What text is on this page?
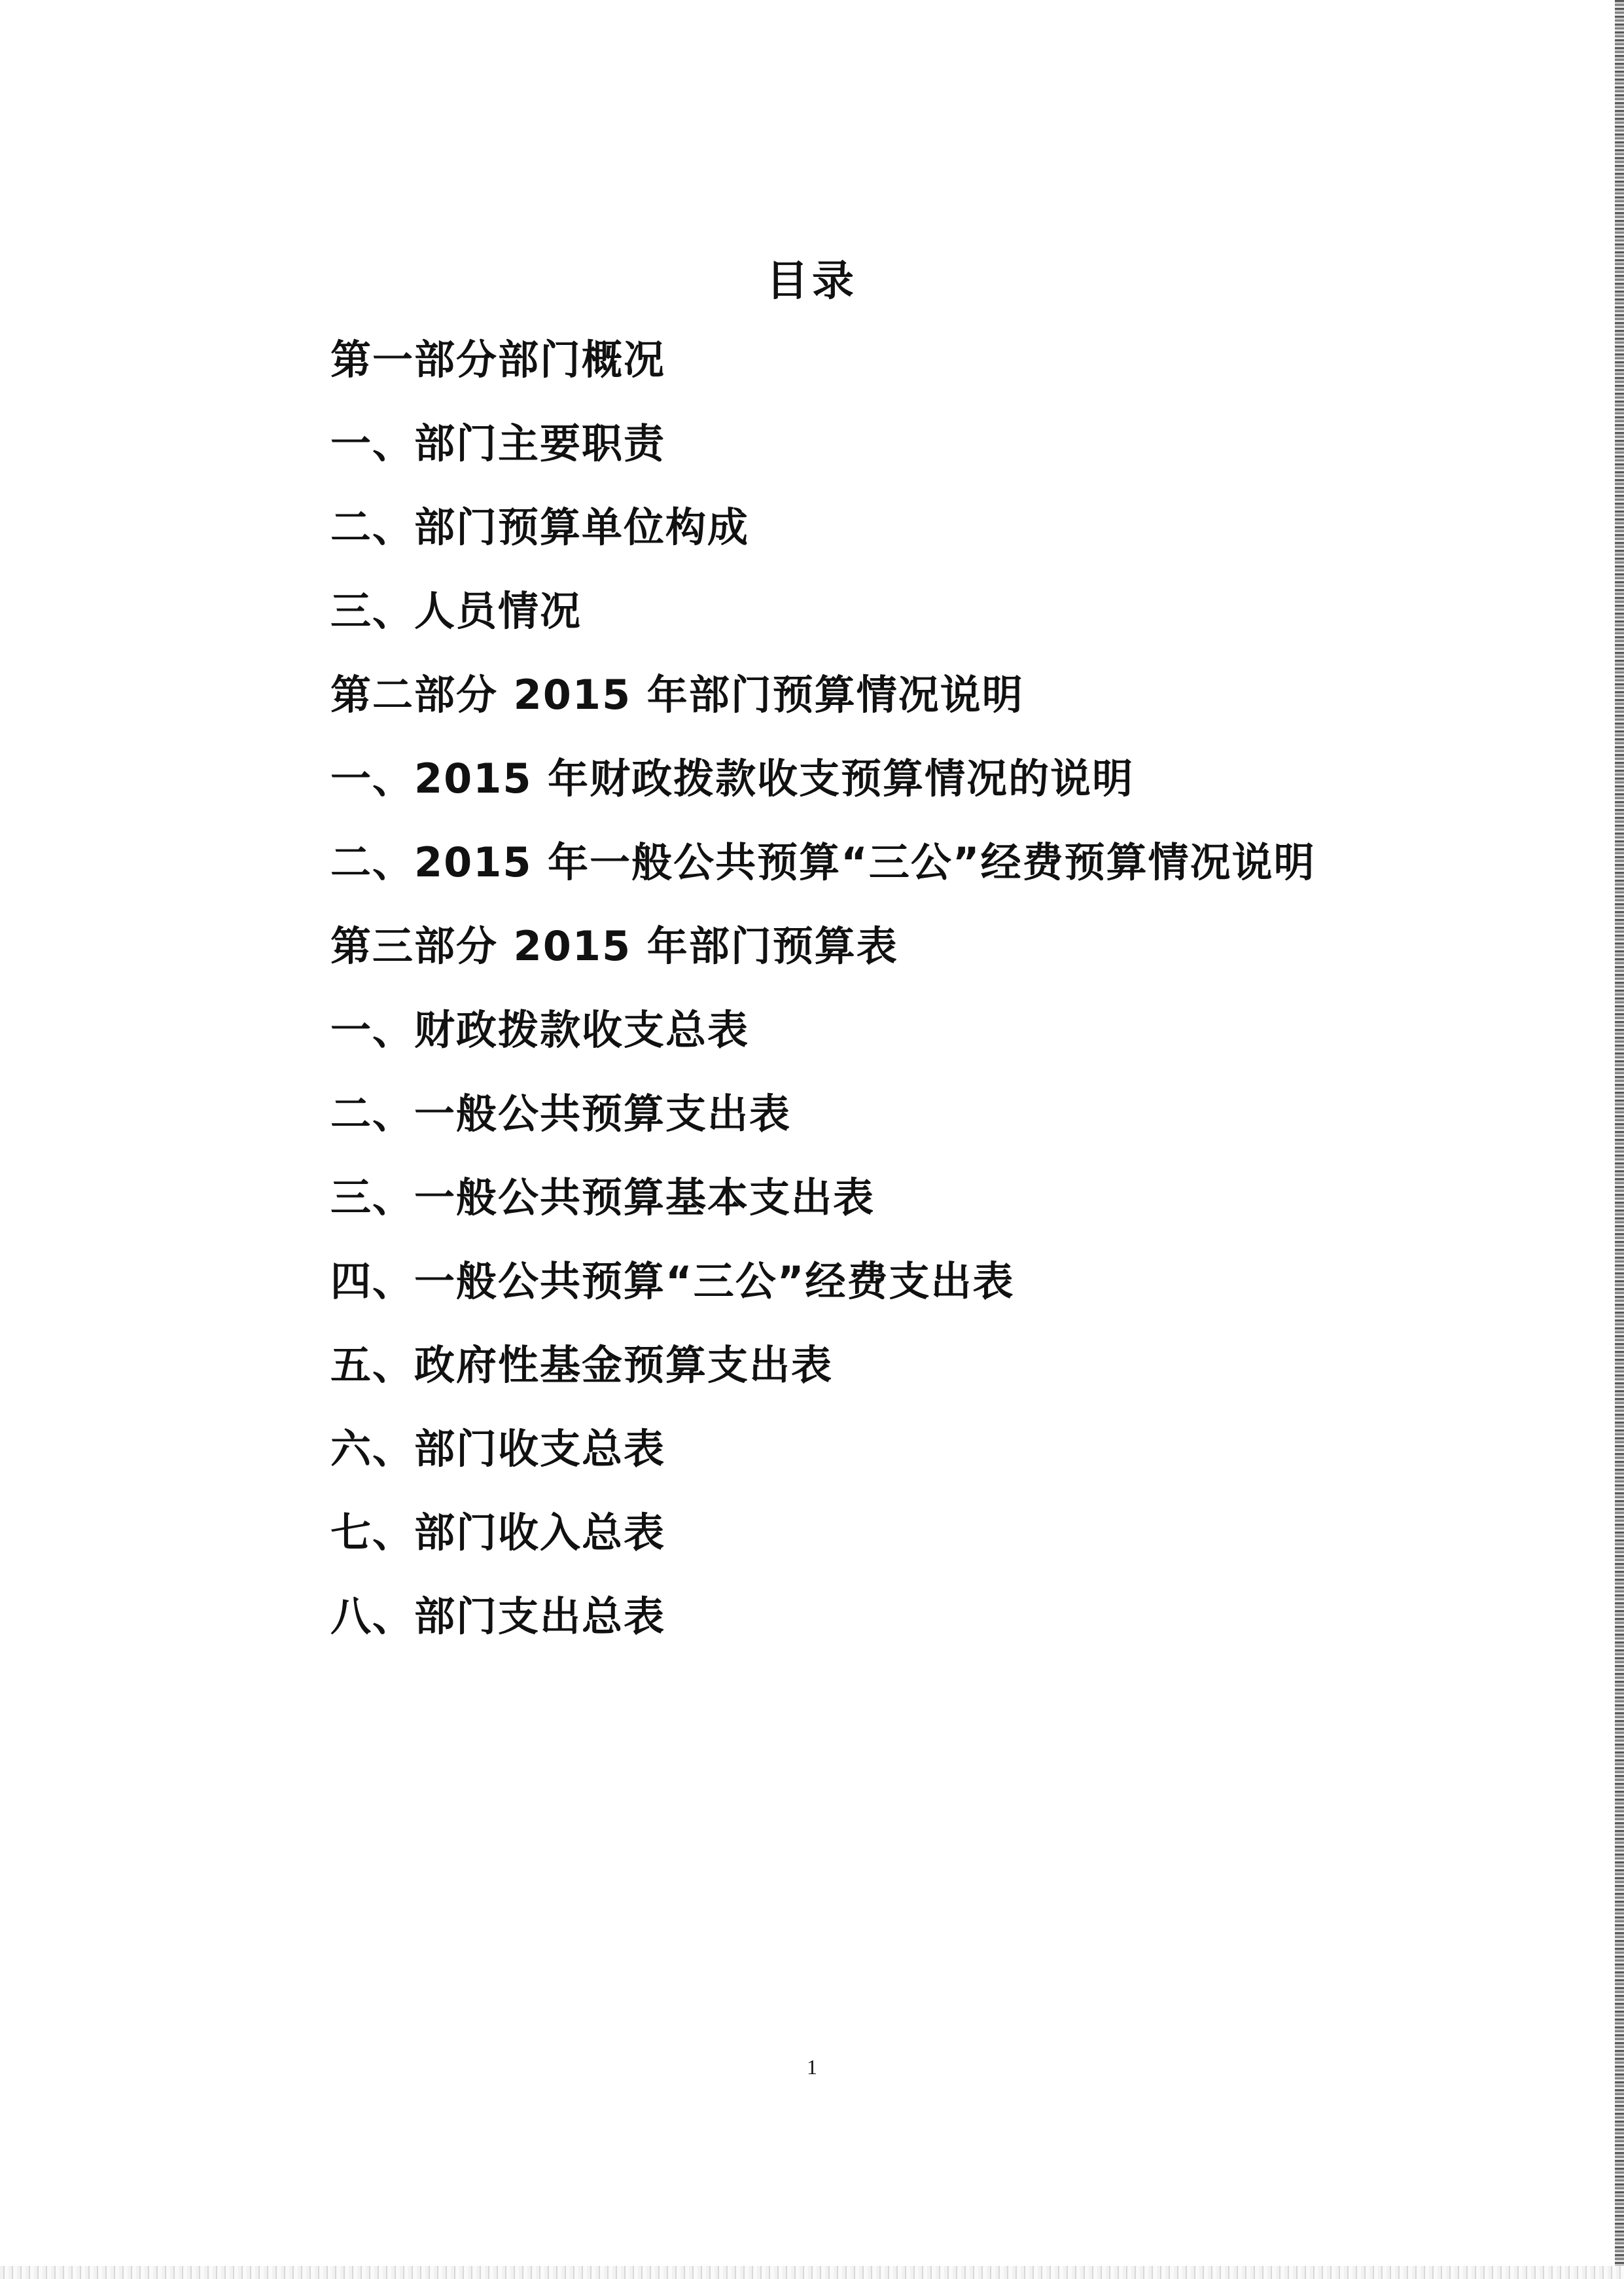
目录
第一部分部门概况
一、部门主要职责
二、部门预算单位构成
三、人员情况
第二部分 2015 年部门预算情况说明
一、2015 年财政拨款收支预算情况的说明
二、2015 年一般公共预算“三公”经费预算情况说明
第三部分 2015 年部门预算表
一、财政拨款收支总表
二、一般公共预算支出表
三、一般公共预算基本支出表
四、一般公共预算“三公”经费支出表
五、政府性基金预算支出表
六、部门收支总表
七、部门收入总表
八、部门支出总表
1
